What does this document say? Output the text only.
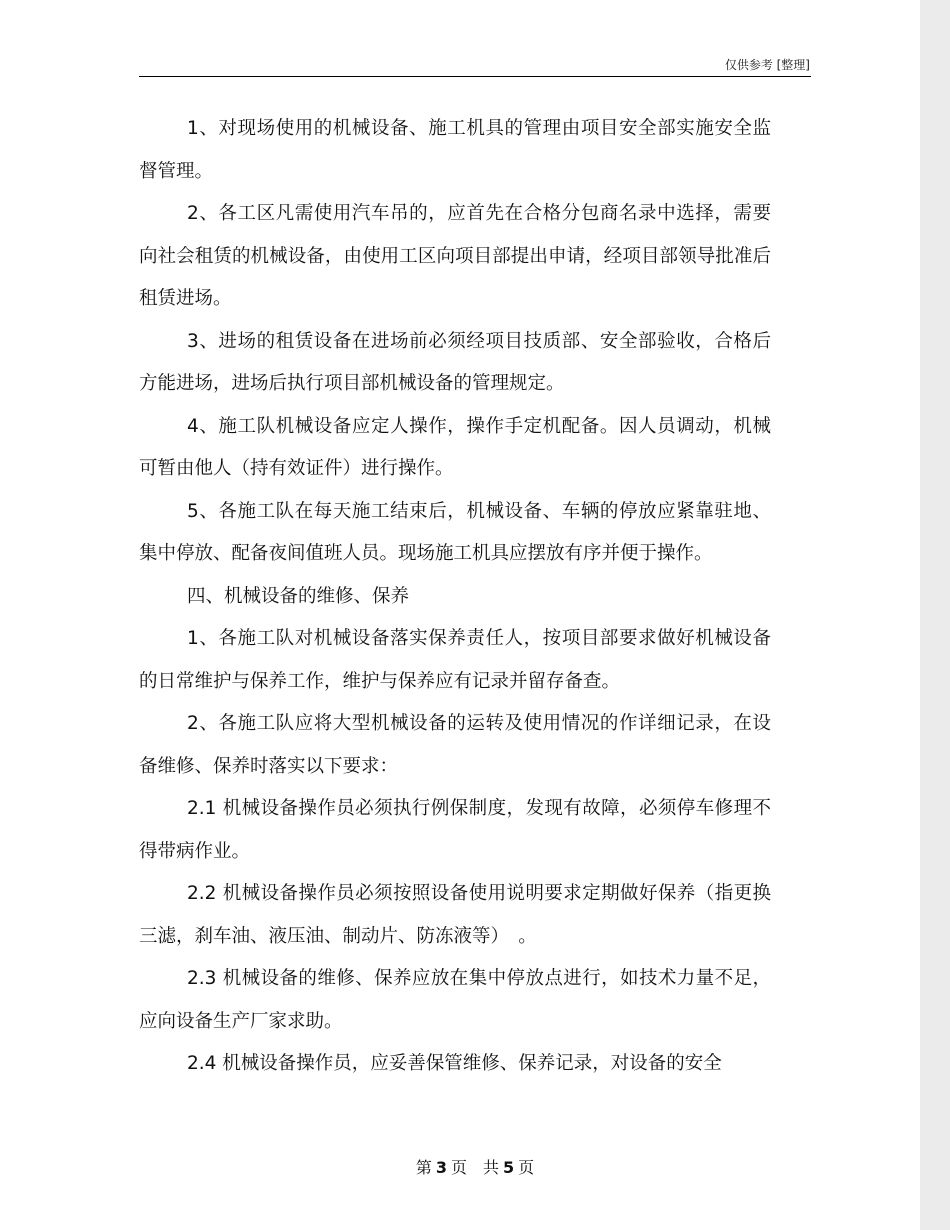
仅供参考 [整理]

1、对现场使用的机械设备、施工机具的管理由项目安全部实施安全监督管理。

2、各工区凡需使用汽车吊的，应首先在合格分包商名录中选择，需要向社会租赁的机械设备，由使用工区向项目部提出申请，经项目部领导批准后租赁进场。

3、进场的租赁设备在进场前必须经项目技质部、安全部验收，合格后方能进场，进场后执行项目部机械设备的管理规定。

4、施工队机械设备应定人操作，操作手定机配备。因人员调动，机械可暂由他人（持有效证件）进行操作。

5、各施工队在每天施工结束后，机械设备、车辆的停放应紧靠驻地、集中停放、配备夜间值班人员。现场施工机具应摆放有序并便于操作。

四、机械设备的维修、保养

1、各施工队对机械设备落实保养责任人，按项目部要求做好机械设备的日常维护与保养工作，维护与保养应有记录并留存备查。

2、各施工队应将大型机械设备的运转及使用情况的作详细记录，在设备维修、保养时落实以下要求：

2.1 机械设备操作员必须执行例保制度，发现有故障，必须停车修理不得带病作业。

2.2 机械设备操作员必须按照设备使用说明要求定期做好保养（指更换三滤，刹车油、液压油、制动片、防冻液等）　。

2.3 机械设备的维修、保养应放在集中停放点进行，如技术力量不足，应向设备生产厂家求助。

2.4 机械设备操作员，应妥善保管维修、保养记录，对设备的安全

第 3 页　共 5 页
